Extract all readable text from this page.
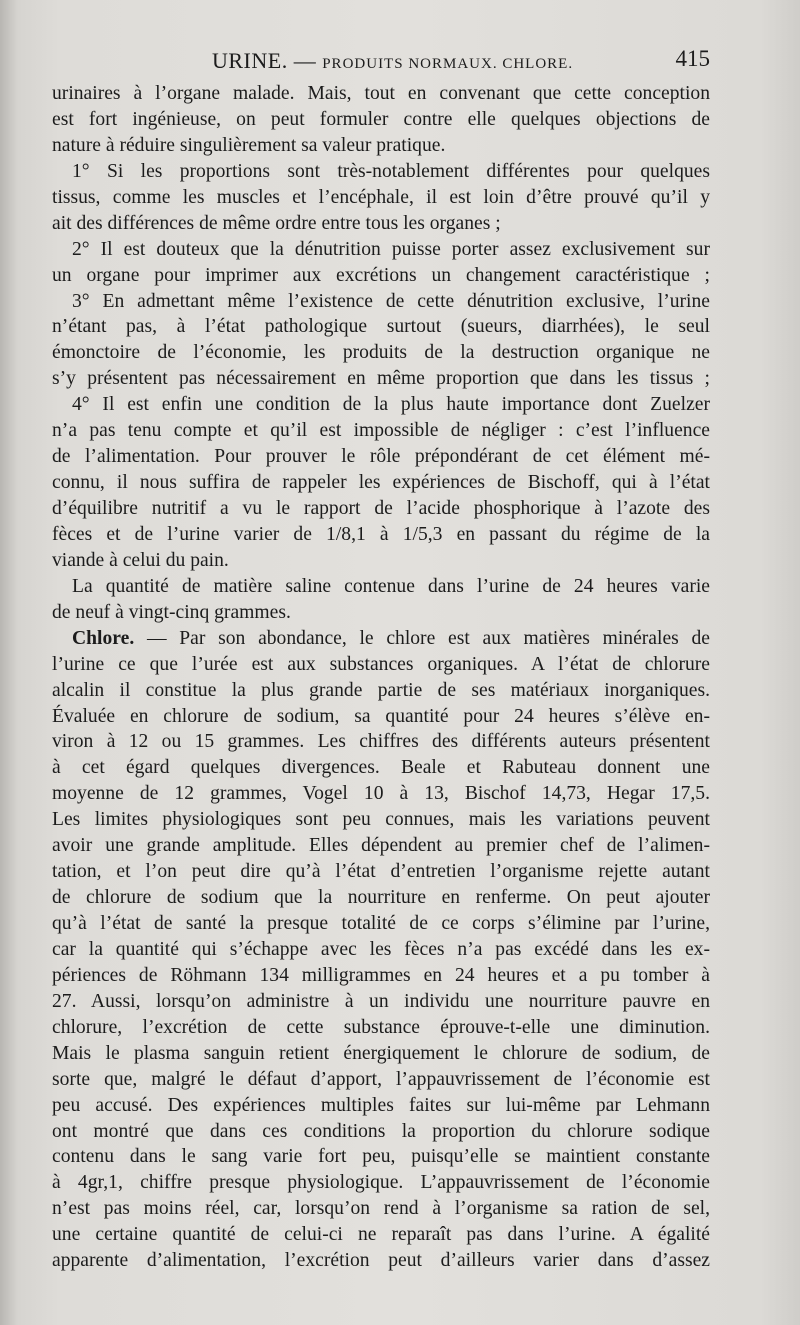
URINE. — PRODUITS NORMAUX. CHLORE.	415
urinaires à l’organe malade. Mais, tout en convenant que cette conception
est fort ingénieuse, on peut formuler contre elle quelques objections de
nature à réduire singulièrement sa valeur pratique.
1° Si les proportions sont très-notablement différentes pour quelques
tissus, comme les muscles et l’encéphale, il est loin d’être prouvé qu’il y
ait des différences de même ordre entre tous les organes ;
2° Il est douteux que la dénutrition puisse porter assez exclusivement sur
un organe pour imprimer aux excrétions un changement caractéristique ;
3° En admettant même l’existence de cette dénutrition exclusive, l’urine
n’étant pas, à l’état pathologique surtout (sueurs, diarrhées), le seul
émonctoire de l’économie, les produits de la destruction organique ne
s’y présentent pas nécessairement en même proportion que dans les tissus ;
4° Il est enfin une condition de la plus haute importance dont Zuelzer
n’a pas tenu compte et qu’il est impossible de négliger : c’est l’influence
de l’alimentation. Pour prouver le rôle prépondérant de cet élément mé-
connu, il nous suffira de rappeler les expériences de Bischoff, qui à l’état
d’équilibre nutritif a vu le rapport de l’acide phosphorique à l’azote des
fèces et de l’urine varier de 1/8,1 à 1/5,3 en passant du régime de la
viande à celui du pain.
La quantité de matière saline contenue dans l’urine de 24 heures varie
de neuf à vingt-cinq grammes.
Chlore. — Par son abondance, le chlore est aux matières minérales de
l’urine ce que l’urée est aux substances organiques. A l’état de chlorure
alcalin il constitue la plus grande partie de ses matériaux inorganiques.
Évaluée en chlorure de sodium, sa quantité pour 24 heures s’élève en-
viron à 12 ou 15 grammes. Les chiffres des différents auteurs présentent
à cet égard quelques divergences. Beale et Rabuteau donnent une
moyenne de 12 grammes, Vogel 10 à 13, Bischof 14,73, Hegar 17,5.
Les limites physiologiques sont peu connues, mais les variations peuvent
avoir une grande amplitude. Elles dépendent au premier chef de l’alimen-
tation, et l’on peut dire qu’à l’état d’entretien l’organisme rejette autant
de chlorure de sodium que la nourriture en renferme. On peut ajouter
qu’à l’état de santé la presque totalité de ce corps s’élimine par l’urine,
car la quantité qui s’échappe avec les fèces n’a pas excédé dans les ex-
périences de Röhmann 134 milligrammes en 24 heures et a pu tomber à
27. Aussi, lorsqu’on administre à un individu une nourriture pauvre en
chlorure, l’excrétion de cette substance éprouve-t-elle une diminution.
Mais le plasma sanguin retient énergiquement le chlorure de sodium, de
sorte que, malgré le défaut d’apport, l’appauvrissement de l’économie est
peu accusé. Des expériences multiples faites sur lui-même par Lehmann
ont montré que dans ces conditions la proportion du chlorure sodique
contenu dans le sang varie fort peu, puisqu’elle se maintient constante
à 4gr,1, chiffre presque physiologique. L’appauvrissement de l’économie
n’est pas moins réel, car, lorsqu’on rend à l’organisme sa ration de sel,
une certaine quantité de celui-ci ne reparaît pas dans l’urine. A égalité
apparente d’alimentation, l’excrétion peut d’ailleurs varier dans d’assez
